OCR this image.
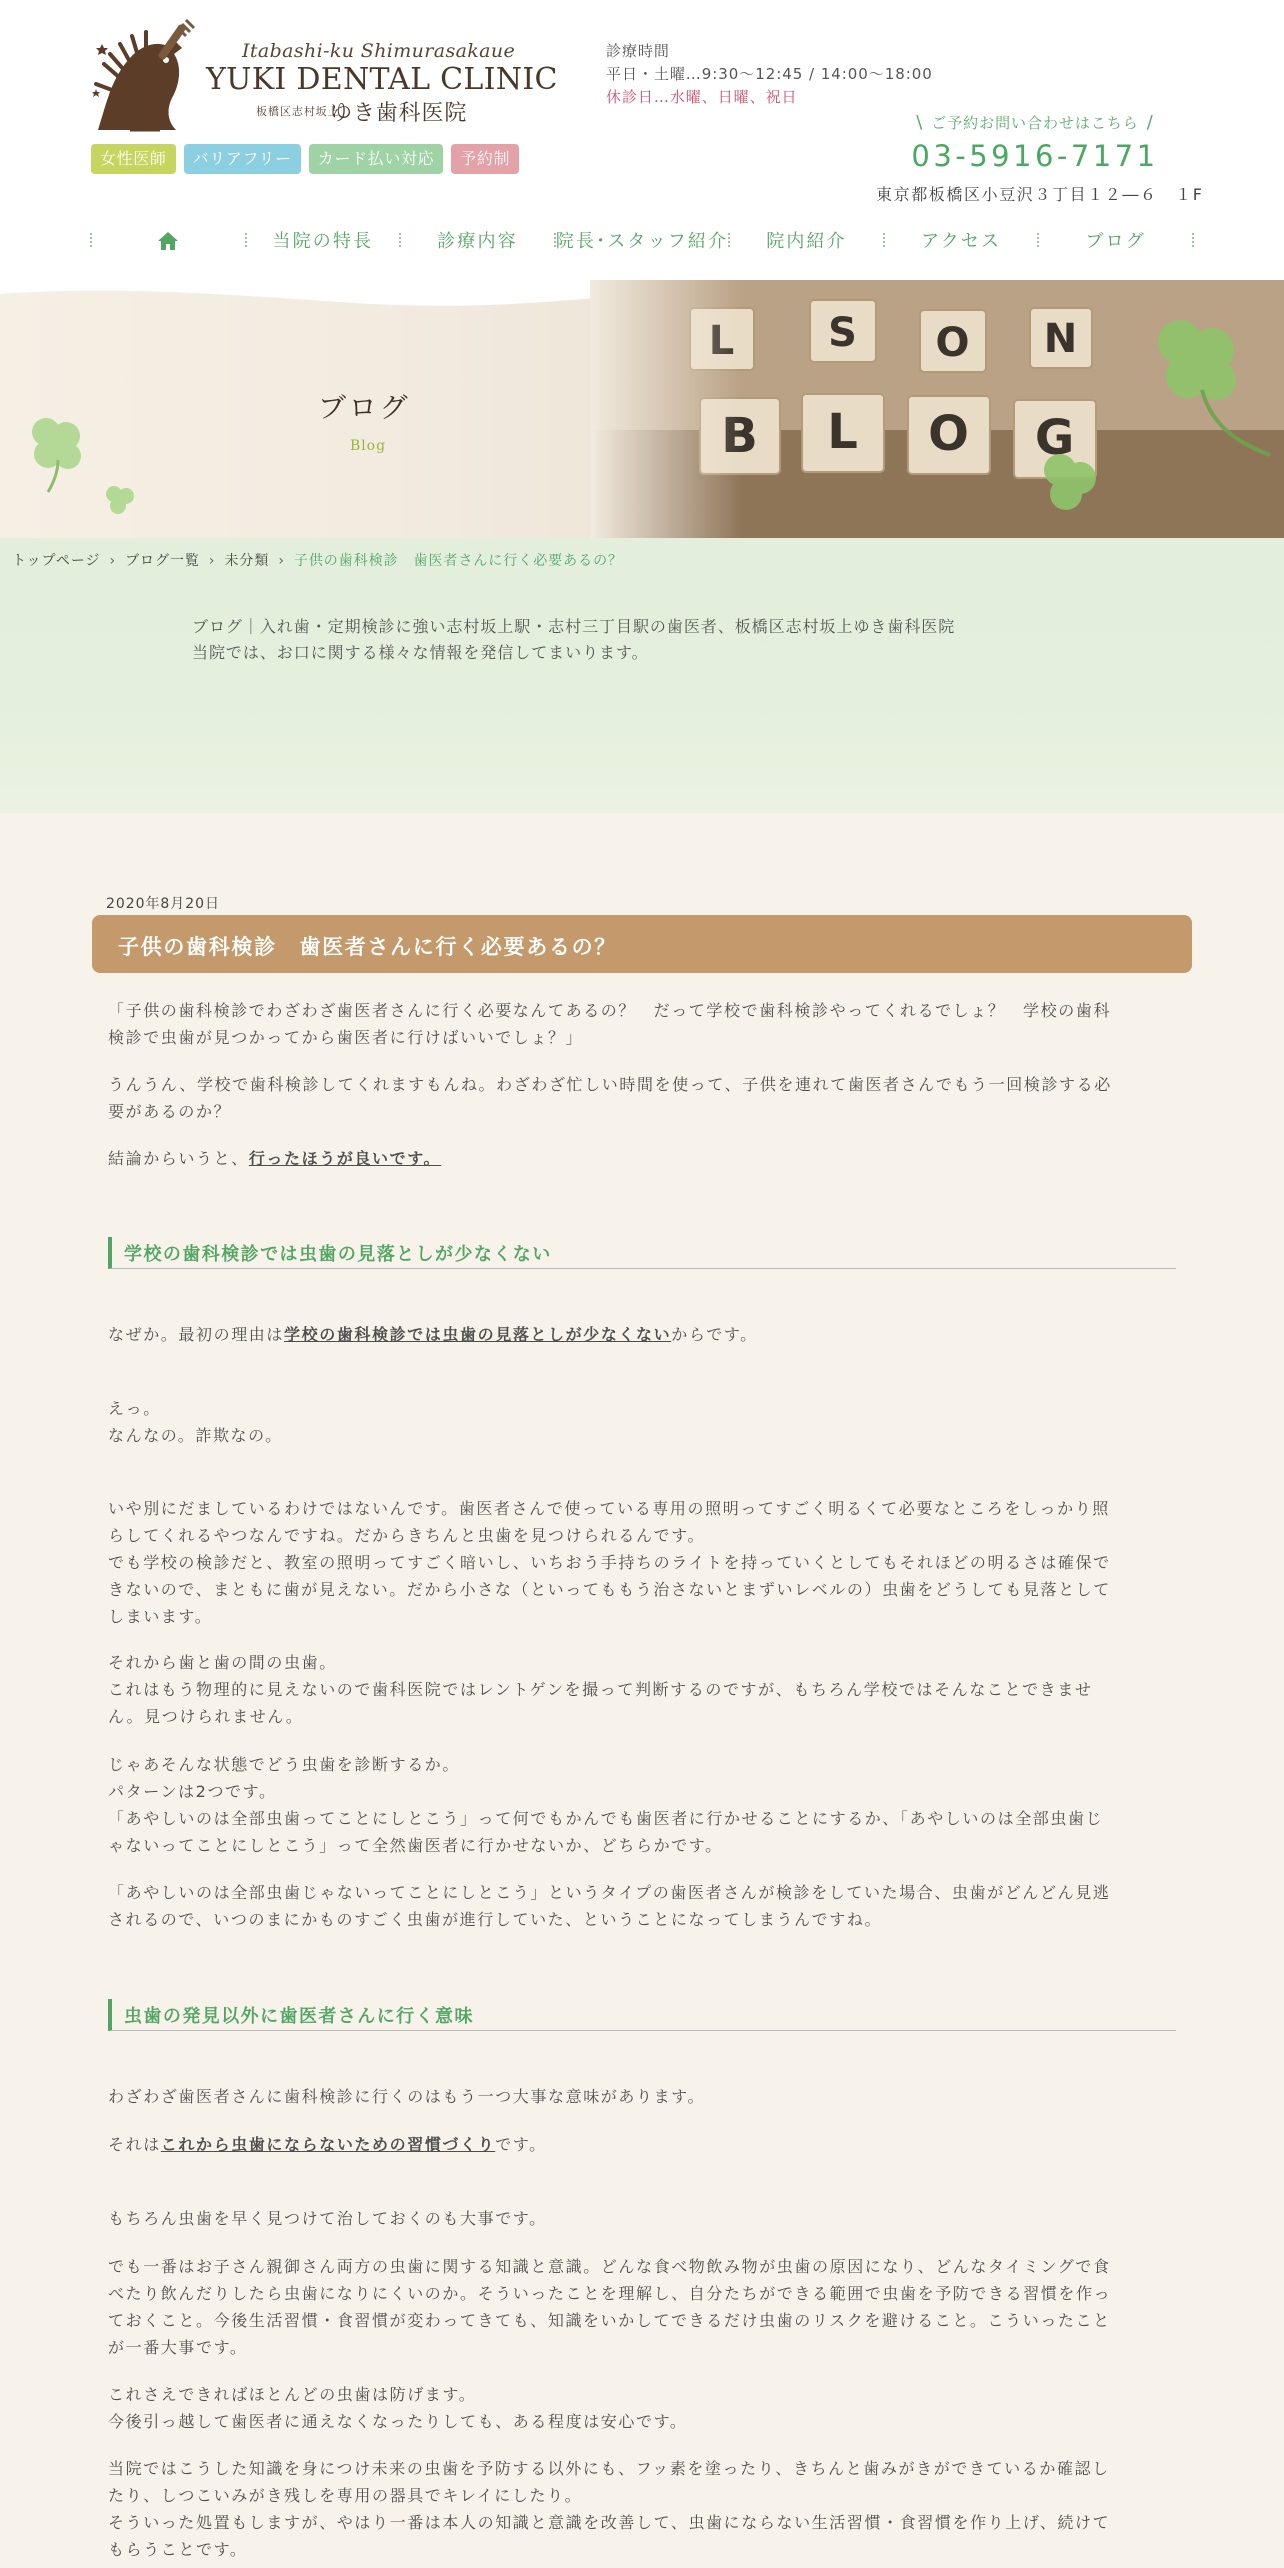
Itabashi-ku Shimurasakaue
YUKI DENTAL CLINIC
板橋区志村坂上
ゆき歯科医院
女性医師	バリアフリー	カード払い対応	予約制
診療時間
平日・土曜…9:30〜12:45 / 14:00〜18:00
休診日…水曜、日曜、祝日
\ ご予約お問い合わせはこちら /
03-5916-7171
東京都板橋区小豆沢３丁目１２―６　１F
当院の特長	診療内容	院長･スタッフ紹介	院内紹介	アクセス	ブログ
ブログ
Blog
トップページ › ブログ一覧 › 未分類 › 子供の歯科検診　歯医者さんに行く必要あるの？
ブログ｜入れ歯・定期検診に強い志村坂上駅・志村三丁目駅の歯医者、板橋区志村坂上ゆき歯科医院
当院では、お口に関する様々な情報を発信してまいります。
2020年8月20日
子供の歯科検診　歯医者さんに行く必要あるの？
「子供の歯科検診でわざわざ歯医者さんに行く必要なんてあるの？　だって学校で歯科検診やってくれるでしょ？　学校の歯科
検診で虫歯が見つかってから歯医者に行けばいいでしょ？」
うんうん、学校で歯科検診してくれますもんね。わざわざ忙しい時間を使って、子供を連れて歯医者さんでもう一回検診する必
要があるのか？
結論からいうと、行ったほうが良いです。
学校の歯科検診では虫歯の見落としが少なくない
なぜか。最初の理由は学校の歯科検診では虫歯の見落としが少なくないからです。
えっ。
なんなの。詐欺なの。
いや別にだましているわけではないんです。歯医者さんで使っている専用の照明ってすごく明るくて必要なところをしっかり照
らしてくれるやつなんですね。だからきちんと虫歯を見つけられるんです。
でも学校の検診だと、教室の照明ってすごく暗いし、いちおう手持ちのライトを持っていくとしてもそれほどの明るさは確保で
きないので、まともに歯が見えない。だから小さな（といってももう治さないとまずいレベルの）虫歯をどうしても見落として
しまいます。
それから歯と歯の間の虫歯。
これはもう物理的に見えないので歯科医院ではレントゲンを撮って判断するのですが、もちろん学校ではそんなことできませ
ん。見つけられません。
じゃあそんな状態でどう虫歯を診断するか。
パターンは2つです。
「あやしいのは全部虫歯ってことにしとこう」って何でもかんでも歯医者に行かせることにするか、「あやしいのは全部虫歯じ
ゃないってことにしとこう」って全然歯医者に行かせないか、どちらかです。
「あやしいのは全部虫歯じゃないってことにしとこう」というタイプの歯医者さんが検診をしていた場合、虫歯がどんどん見逃
されるので、いつのまにかものすごく虫歯が進行していた、ということになってしまうんですね。
虫歯の発見以外に歯医者さんに行く意味
わざわざ歯医者さんに歯科検診に行くのはもう一つ大事な意味があります。
それはこれから虫歯にならないための習慣づくりです。
もちろん虫歯を早く見つけて治しておくのも大事です。
でも一番はお子さん親御さん両方の虫歯に関する知識と意識。どんな食べ物飲み物が虫歯の原因になり、どんなタイミングで食
べたり飲んだりしたら虫歯になりにくいのか。そういったことを理解し、自分たちができる範囲で虫歯を予防できる習慣を作っ
ておくこと。今後生活習慣・食習慣が変わってきても、知識をいかしてできるだけ虫歯のリスクを避けること。こういったこと
が一番大事です。
これさえできればほとんどの虫歯は防げます。
今後引っ越して歯医者に通えなくなったりしても、ある程度は安心です。
当院ではこうした知識を身につけ未来の虫歯を予防する以外にも、フッ素を塗ったり、きちんと歯みがきができているか確認し
たり、しつこいみがき残しを専用の器具でキレイにしたり。
そういった処置もしますが、やはり一番は本人の知識と意識を改善して、虫歯にならない生活習慣・食習慣を作り上げ、続けて
もらうことです。
